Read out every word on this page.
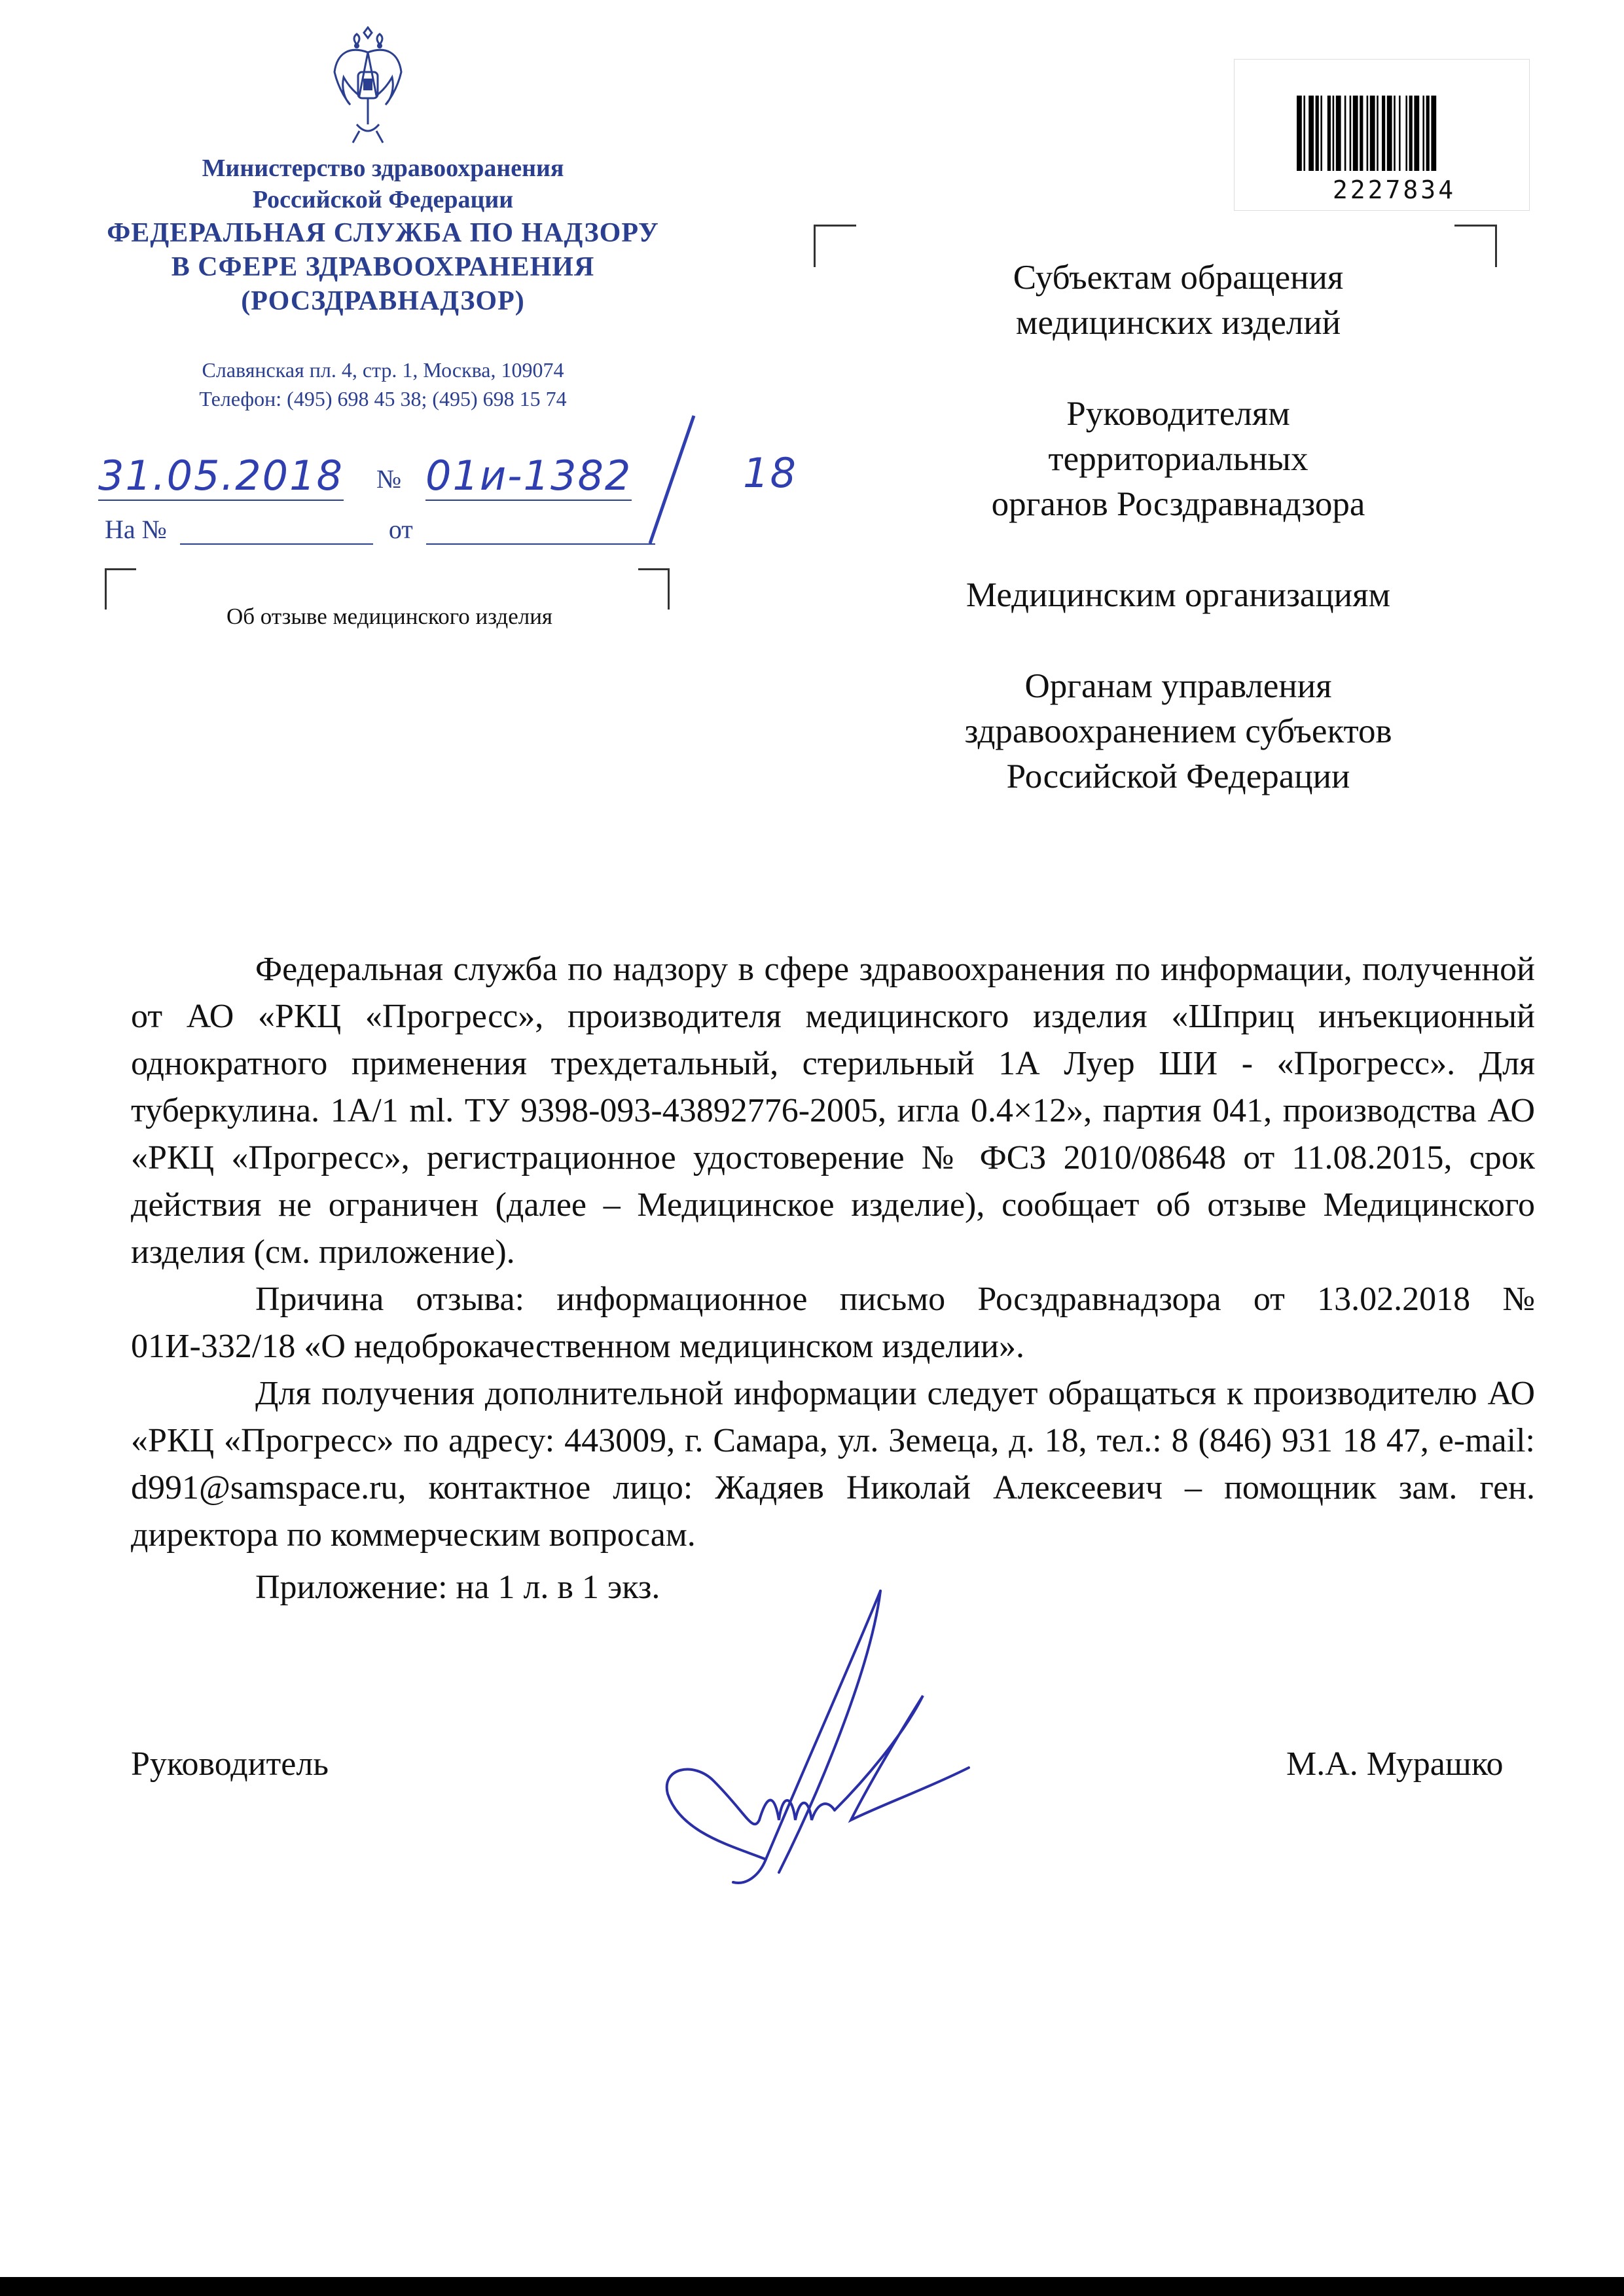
Министерство здравоохранения
Российской Федерации
ФЕДЕРАЛЬНАЯ СЛУЖБА ПО НАДЗОРУ
В СФЕРЕ ЗДРАВООХРАНЕНИЯ
(РОСЗДРАВНАДЗОР)
Славянская пл. 4, стр. 1, Москва, 109074
Телефон: (495) 698 45 38; (495) 698 15 74
31.05.2018 № 01и-1382	18
На №	от
Об отзыве медицинского изделия
2227834
Субъектам обращения
медицинских изделий
Руководителям
территориальных
органов Росздравнадзора
Медицинским организациям
Органам управления
здравоохранением субъектов
Российской Федерации

Федеральная служба по надзору в сфере здравоохранения по информации, полученной от АО «РКЦ «Прогресс», производителя медицинского изделия «Шприц инъекционный однократного применения трехдетальный, стерильный 1А Луер ШИ - «Прогресс». Для туберкулина. 1А/1 ml. ТУ 9398-093-43892776-2005, игла 0.4×12», партия 041, производства АО «РКЦ «Прогресс», регистрационное удостоверение № ФСЗ 2010/08648 от 11.08.2015, срок действия не ограничен (далее – Медицинское изделие), сообщает об отзыве Медицинского изделия (см. приложение).

Причина отзыва: информационное письмо Росздравнадзора от 13.02.2018 № 01И-332/18 «О недоброкачественном медицинском изделии».

Для получения дополнительной информации следует обращаться к производителю АО «РКЦ «Прогресс» по адресу: 443009, г. Самара, ул. Земеца, д. 18, тел.: 8 (846) 931 18 47, e-mail: d991@samspace.ru, контактное лицо: Жадяев Николай Алексеевич – помощник зам. ген. директора по коммерческим вопросам.

Приложение: на 1 л. в 1 экз.
Руководитель	М.А. Мурашко
